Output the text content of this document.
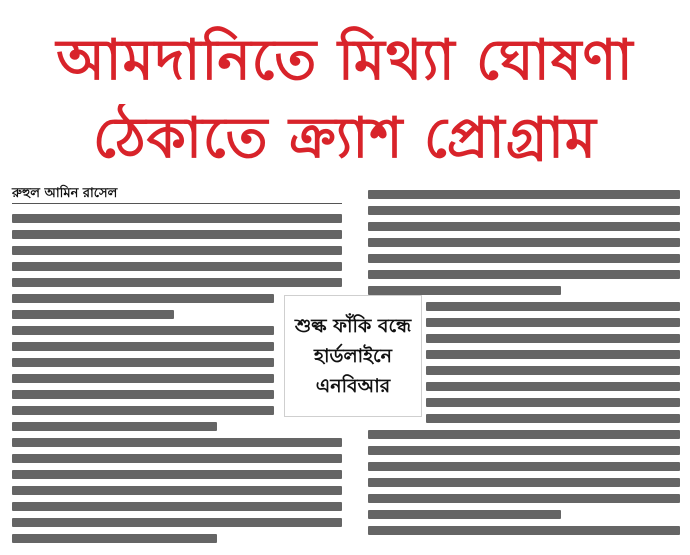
আমদানিতে মিথ্যা ঘোষণা
ঠেকাতে ক্র্যাশ প্রোগ্রাম
রুহুল আমিন রাসেল
শুল্ক ফাঁকি বন্ধে
হার্ডলাইনে
এনবিআর
